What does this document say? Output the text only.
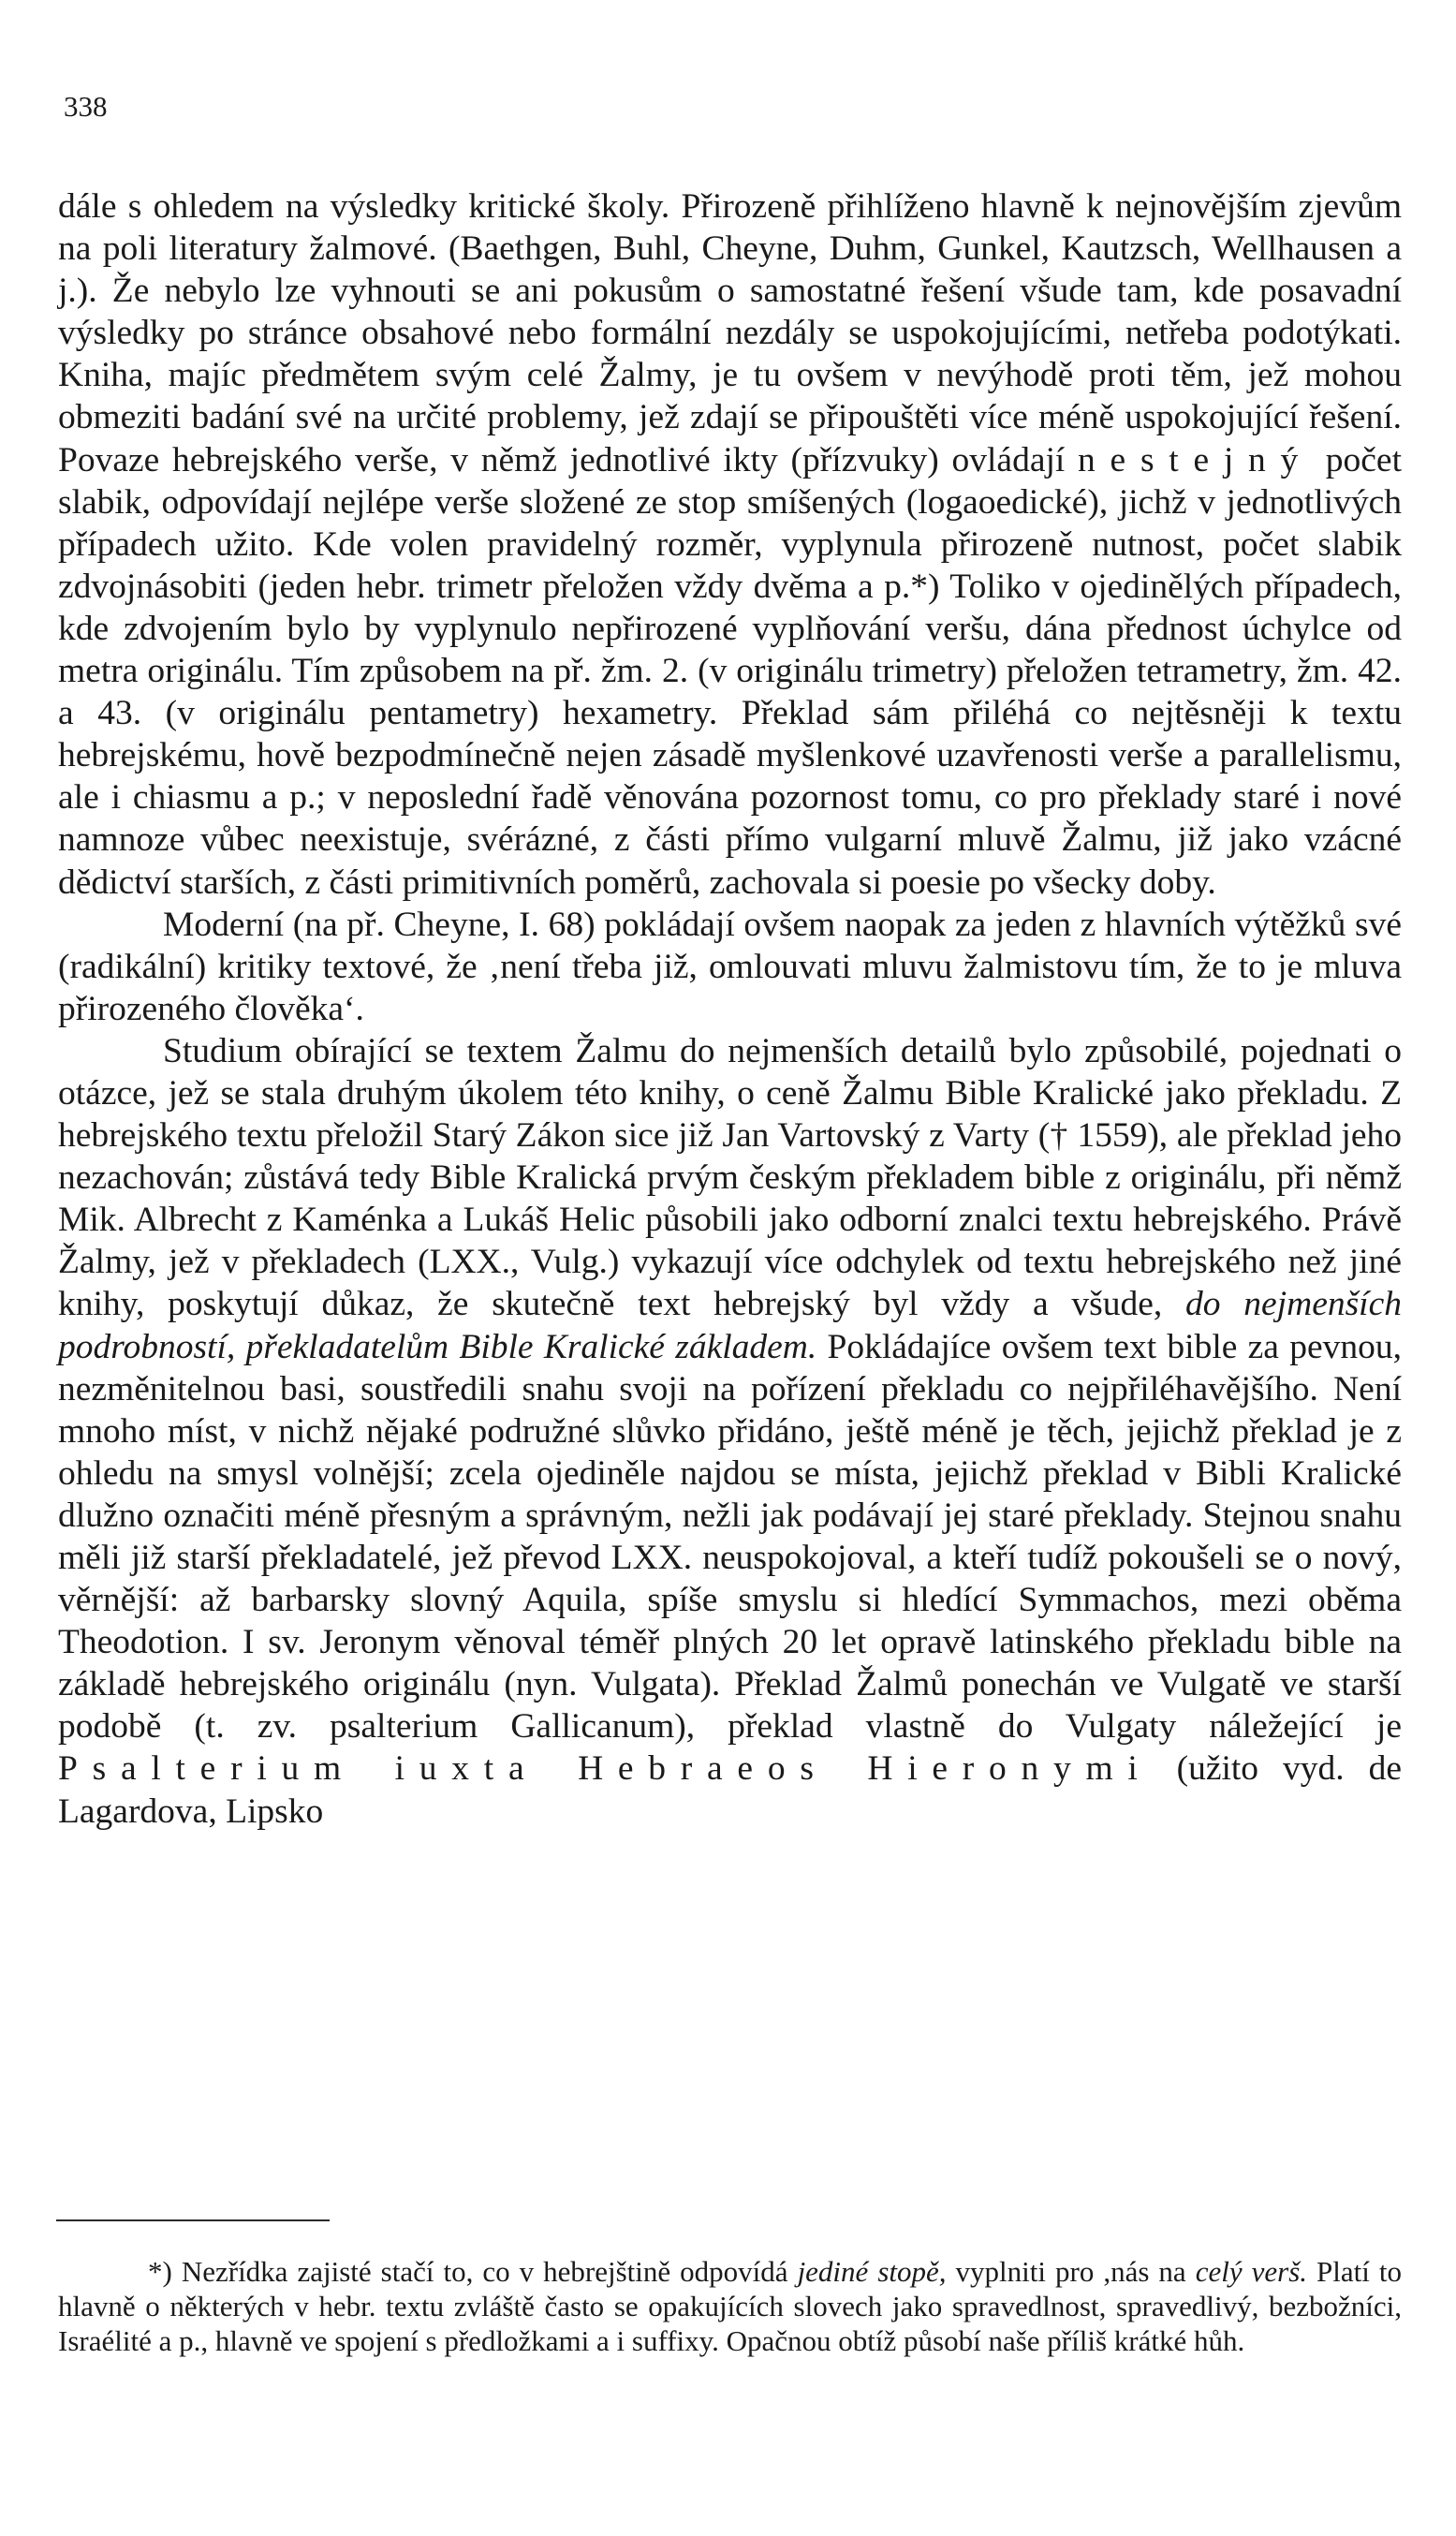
338

dále s ohledem na výsledky kritické školy. Přirozeně přihlíženo hlavně k nejnovějším zjevům na poli literatury žalmové. (Baethgen, Buhl, Cheyne, Duhm, Gunkel, Kautzsch, Wellhausen a j.). Že nebylo lze vyhnouti se ani pokusům o samostatné řešení všude tam, kde posavadní výsledky po stránce obsahové nebo formální nezdály se uspokojujícími, netřeba podotýkati. Kniha, majíc předmětem svým celé Žalmy, je tu ovšem v nevýhodě proti těm, jež mohou obmeziti badání své na určité problemy, jež zdají se připouštěti více méně uspokojující řešení. Povaze hebrejského verše, v němž jednotlivé ikty (přízvuky) ovládají nestejný počet slabik, odpovídají nejlépe verše složené ze stop smíšených (logaoedické), jichž v jednotlivých případech užito. Kde volen pravidelný rozměr, vyplynula přirozeně nutnost, počet slabik zdvojnásobiti (jeden hebr. trimetr přeložen vždy dvěma a p.*) Toliko v ojedinělých případech, kde zdvojením bylo by vyplynulo nepřirozené vyplňování veršu, dána přednost úchylce od metra originálu. Tím způsobem na př. žm. 2. (v originálu trimetry) přeložen tetrametry, žm. 42. a 43. (v originálu pentametry) hexametry. Překlad sám přiléhá co nejtěsněji k textu hebrejskému, hově bezpodmínečně nejen zásadě myšlenkové uzavřenosti verše a parallelismu, ale i chiasmu a p.; v neposlední řadě věnována pozornost tomu, co pro překlady staré i nové namnoze vůbec neexistuje, svérázné, z části přímo vulgarní mluvě Žalmu, již jako vzácné dědictví starších, z části primitivních poměrů, zachovala si poesie po všecky doby.

Moderní (na př. Cheyne, I. 68) pokládají ovšem naopak za jeden z hlavních výtěžků své (radikální) kritiky textové, že ‚není třeba již, omlouvati mluvu žalmistovu tím, že to je mluva přirozeného člověka‘.

Studium obírající se textem Žalmu do nejmenších detailů bylo způsobilé, pojednati o otázce, jež se stala druhým úkolem této knihy, o ceně Žalmu Bible Kralické jako překladu. Z hebrejského textu přeložil Starý Zákon sice již Jan Vartovský z Varty († 1559), ale překlad jeho nezachován; zůstává tedy Bible Kralická prvým českým překladem bible z originálu, při němž Mik. Albrecht z Kaménka a Lukáš Helic působili jako odborní znalci textu hebrejského. Právě Žalmy, jež v překladech (LXX., Vulg.) vykazují více odchylek od textu hebrejského než jiné knihy, poskytují důkaz, že skutečně text hebrejský byl vždy a všude, do nejmenších podrobností, překladatelům Bible Kralické základem. Pokládajíce ovšem text bible za pevnou, nezměnitelnou basi, soustředili snahu svoji na pořízení překladu co nejpřiléhavějšího. Není mnoho míst, v nichž nějaké podružné slůvko přidáno, ještě méně je těch, jejichž překlad je z ohledu na smysl volnější; zcela ojediněle najdou se místa, jejichž překlad v Bibli Kralické dlužno označiti méně přesným a správným, nežli jak podávají jej staré překlady. Stejnou snahu měli již starší překladatelé, jež převod LXX. neuspokojoval, a kteří tudíž pokoušeli se o nový, věrnější: až barbarsky slovný Aquila, spíše smyslu si hledící Symmachos, mezi oběma Theodotion. I sv. Jeronym věnoval téměř plných 20 let opravě latinského překladu bible na základě hebrejského originálu (nyn. Vulgata). Překlad Žalmů ponechán ve Vulgatě ve starší podobě (t. zv. psalterium Gallicanum), překlad vlastně do Vulgaty náležející je Psalterium iuxta Hebraeos Hieronymi (užito vyd. de Lagardova, Lipsko

*) Nezřídka zajisté stačí to, co v hebrejštině odpovídá jediné stopě, vyplniti pro ,nás na celý verš. Platí to hlavně o některých v hebr. textu zvláště často se opakujících slovech jako spravedlnost, spravedlivý, bezbožníci, Israélité a p., hlavně ve spojení s předložkami a i suffixy. Opačnou obtíž působí naše příliš krátké hůh.
